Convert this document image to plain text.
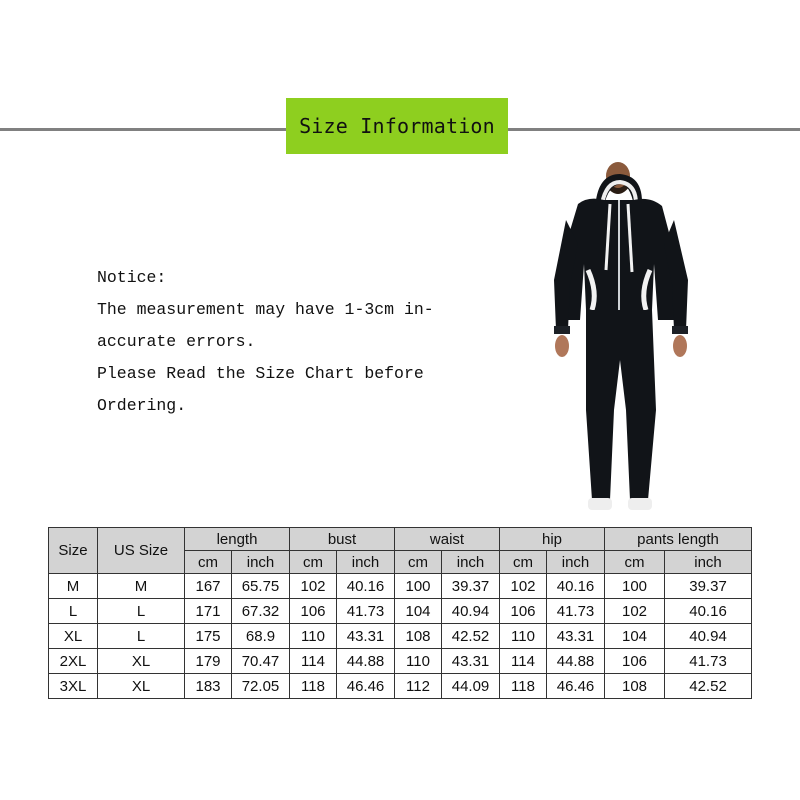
Size Information
Notice:
The measurement may have 1-3cm in-
accurate errors.
Please Read the Size Chart before
Ordering.
Size	US Size	length		bust		waist		hip		pants length	
		cm	inch	cm	inch	cm	inch	cm	inch	cm	inch
M	M	167	65.75	102	40.16	100	39.37	102	40.16	100	39.37
L	L	171	67.32	106	41.73	104	40.94	106	41.73	102	40.16
XL	L	175	68.9	110	43.31	108	42.52	110	43.31	104	40.94
2XL	XL	179	70.47	114	44.88	110	43.31	114	44.88	106	41.73
3XL	XL	183	72.05	118	46.46	112	44.09	118	46.46	108	42.52
